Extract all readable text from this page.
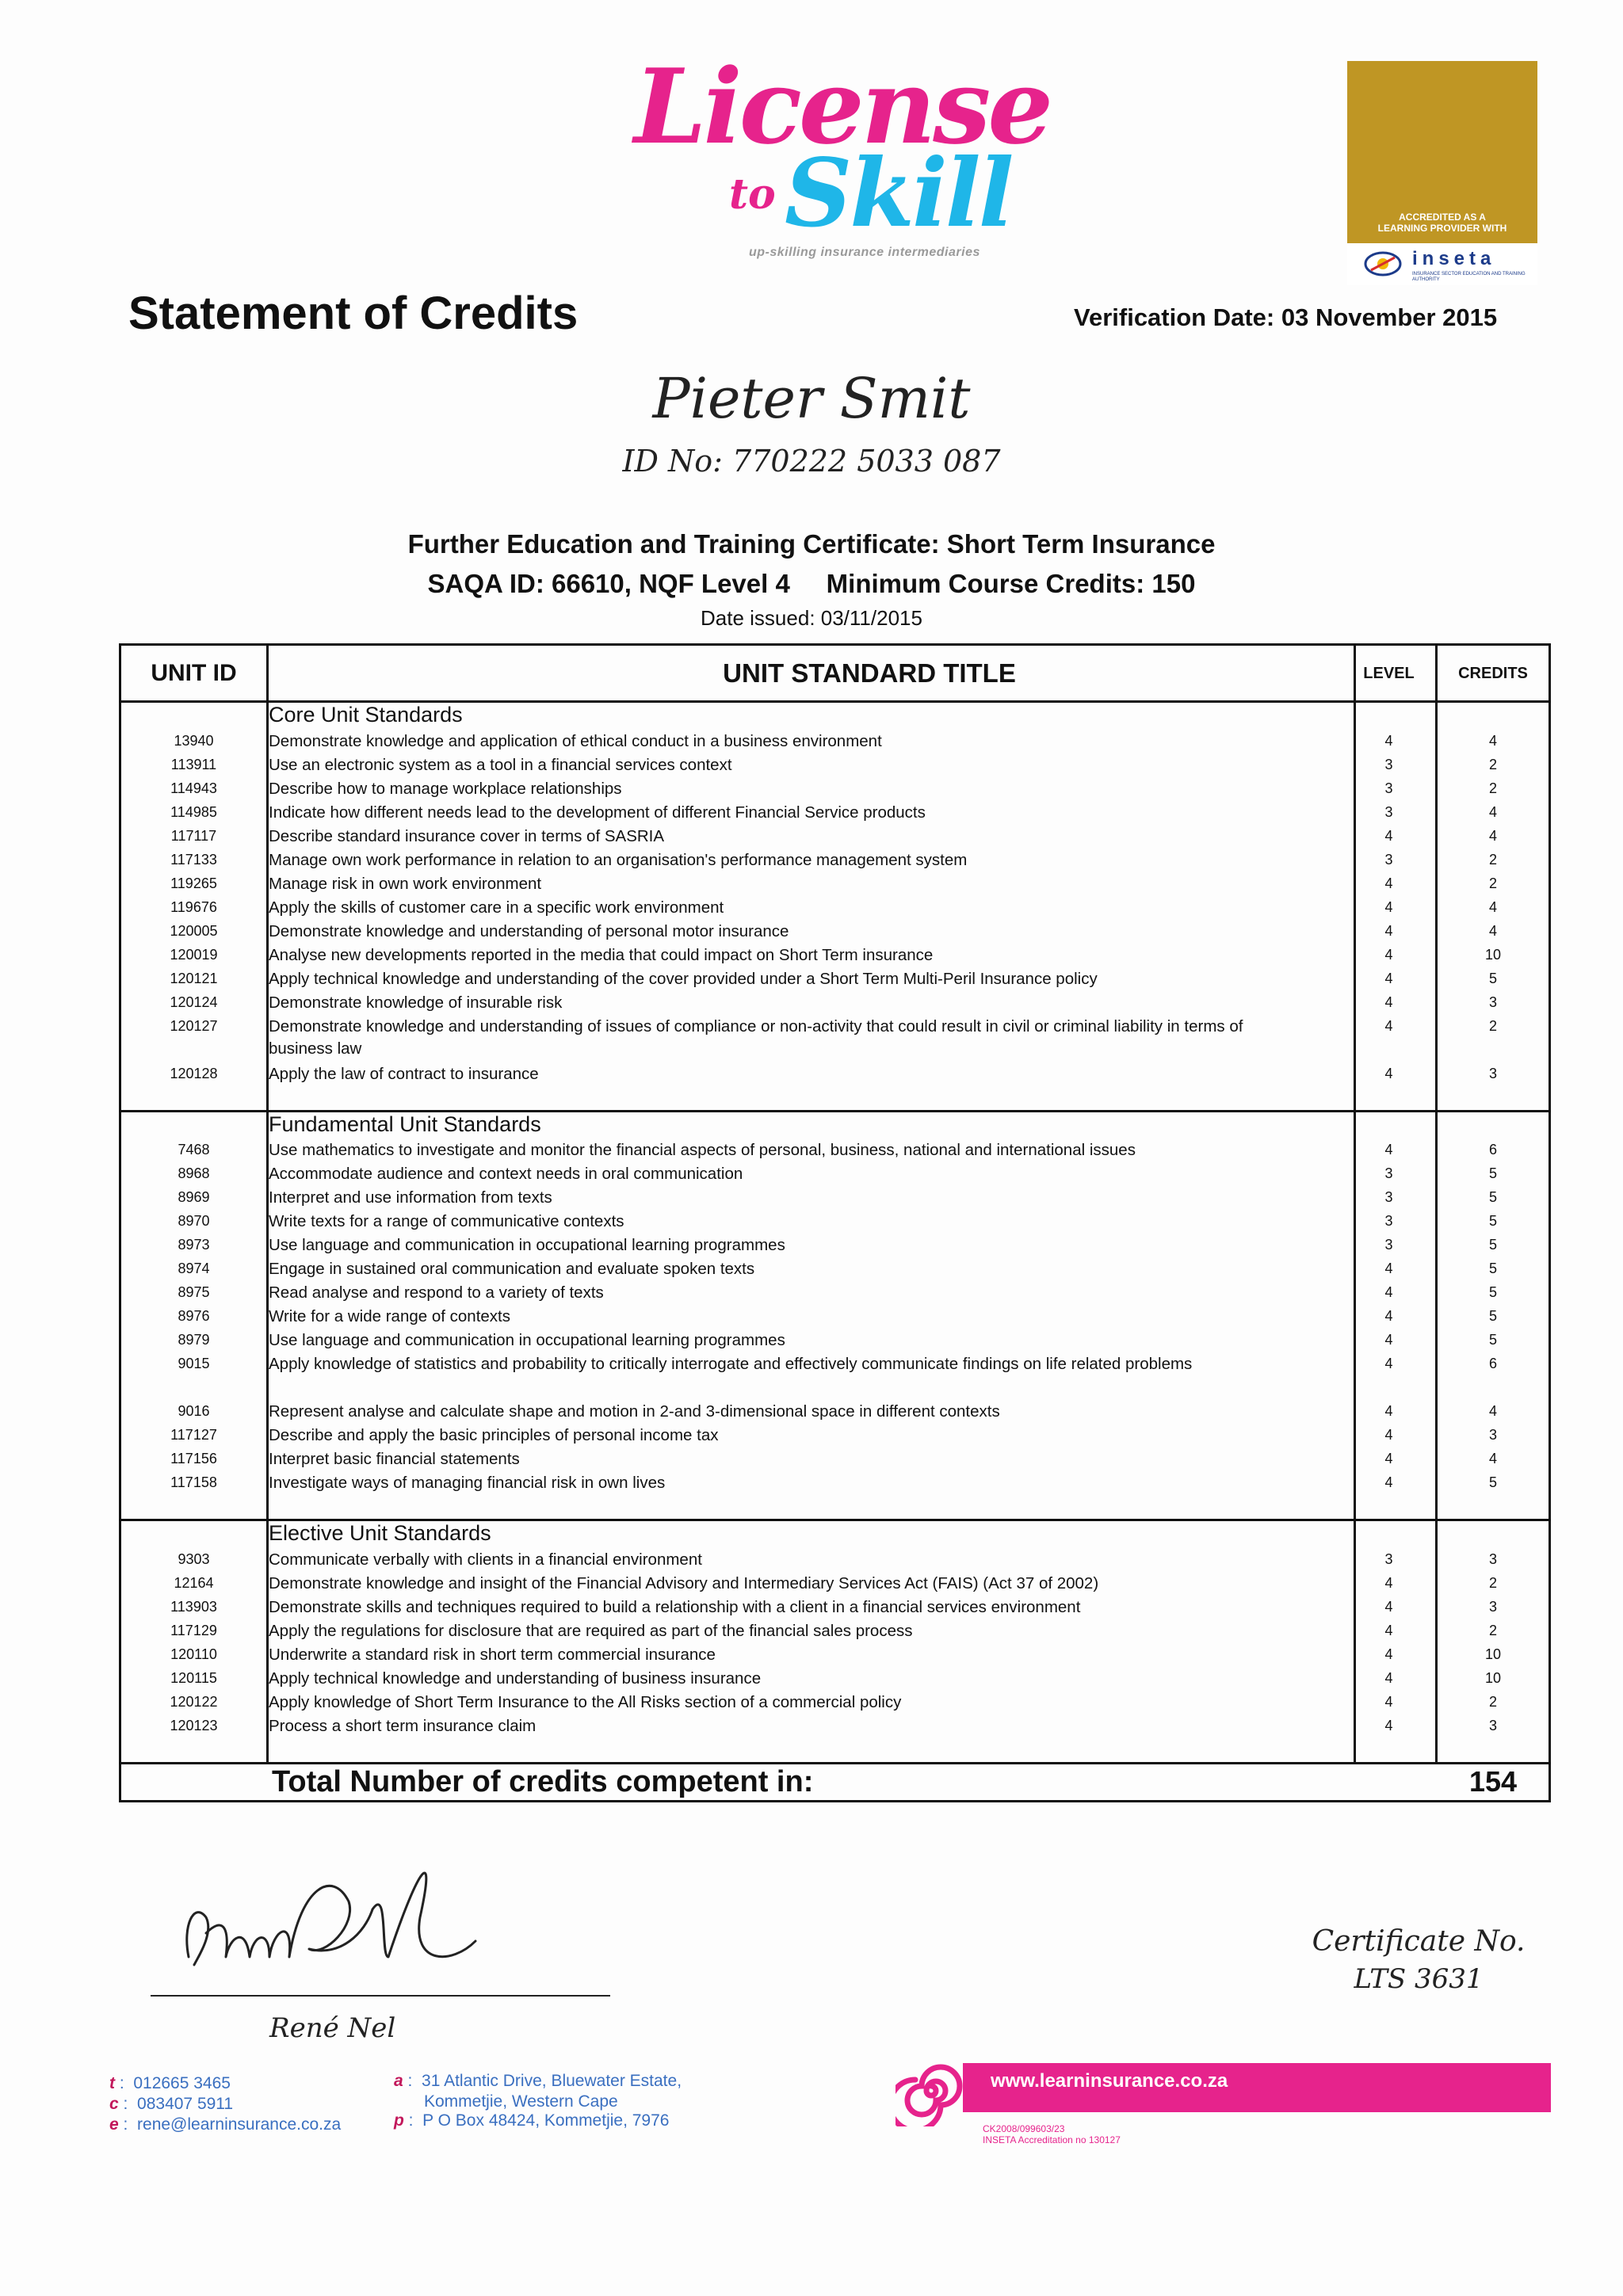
License
to Skill
up-skilling insurance intermediaries
ACCREDITED AS A
LEARNING PROVIDER WITH
inseta
INSURANCE SECTOR EDUCATION AND TRAINING AUTHORITY
Statement of Credits	Verification Date: 03 November 2015
Pieter Smit
ID No: 770222 5033 087
Further Education and Training Certificate: Short Term Insurance
SAQA ID: 66610, NQF Level 4     Minimum Course Credits: 150
Date issued: 03/11/2015
UNIT ID	UNIT STANDARD TITLE	LEVEL	CREDITS
Core Unit Standards
13940	Demonstrate knowledge and application of ethical conduct in a business environment	4	4
113911	Use an electronic system as a tool in a financial services context	3	2
114943	Describe how to manage workplace relationships	3	2
114985	Indicate how different needs lead to the development of different Financial Service products	3	4
117117	Describe standard insurance cover in terms of SASRIA	4	4
117133	Manage own work performance in relation to an organisation's performance management system	3	2
119265	Manage risk in own work environment	4	2
119676	Apply the skills of customer care in a specific work environment	4	4
120005	Demonstrate knowledge and understanding of personal motor insurance	4	4
120019	Analyse new developments reported in the media that could impact on Short Term insurance	4	10
120121	Apply technical knowledge and understanding of the cover provided under a Short Term Multi-Peril Insurance policy	4	5
120124	Demonstrate knowledge of insurable risk	4	3
120127	Demonstrate knowledge and understanding of issues of compliance or non-activity that could result in civil or criminal liability in terms of	4	2
business law
120128	Apply the law of contract to insurance	4	3
Fundamental Unit Standards
7468	Use mathematics to investigate and monitor the financial aspects of personal, business, national and international issues	4	6
8968	Accommodate audience and context needs in oral communication	3	5
8969	Interpret and use information from texts	3	5
8970	Write texts for a range of communicative contexts	3	5
8973	Use language and communication in occupational learning programmes	3	5
8974	Engage in sustained oral communication and evaluate spoken texts	4	5
8975	Read analyse and respond to a variety of texts	4	5
8976	Write for a wide range of contexts	4	5
8979	Use language and communication in occupational learning programmes	4	5
9015	Apply knowledge of statistics and probability to critically interrogate and effectively communicate findings on life related problems	4	6
9016	Represent analyse and calculate shape and motion in 2-and 3-dimensional space in different contexts	4	4
117127	Describe and apply the basic principles of personal income tax	4	3
117156	Interpret basic financial statements	4	4
117158	Investigate ways of managing financial risk in own lives	4	5
Elective Unit Standards
9303	Communicate verbally with clients in a financial environment	3	3
12164	Demonstrate knowledge and insight of the Financial Advisory and Intermediary Services Act (FAIS) (Act 37 of 2002)	4	2
113903	Demonstrate skills and techniques required to build a relationship with a client in a financial services environment	4	3
117129	Apply the regulations for disclosure that are required as part of the financial sales process	4	2
120110	Underwrite a standard risk in short term commercial insurance	4	10
120115	Apply technical knowledge and understanding of business insurance	4	10
120122	Apply knowledge of Short Term Insurance to the All Risks section of a commercial policy	4	2
120123	Process a short term insurance claim	4	3
Total Number of credits competent in:	154
René Nel
Certificate No.
LTS 3631
t :  012665 3465
c :  083407 5911
e :  rene@learninsurance.co.za
a :  31 Atlantic Drive, Bluewater Estate,
Kommetjie, Western Cape
p :  P O Box 48424, Kommetjie, 7976
www.learninsurance.co.za
CK2008/099603/23
INSETA Accreditation no 130127
